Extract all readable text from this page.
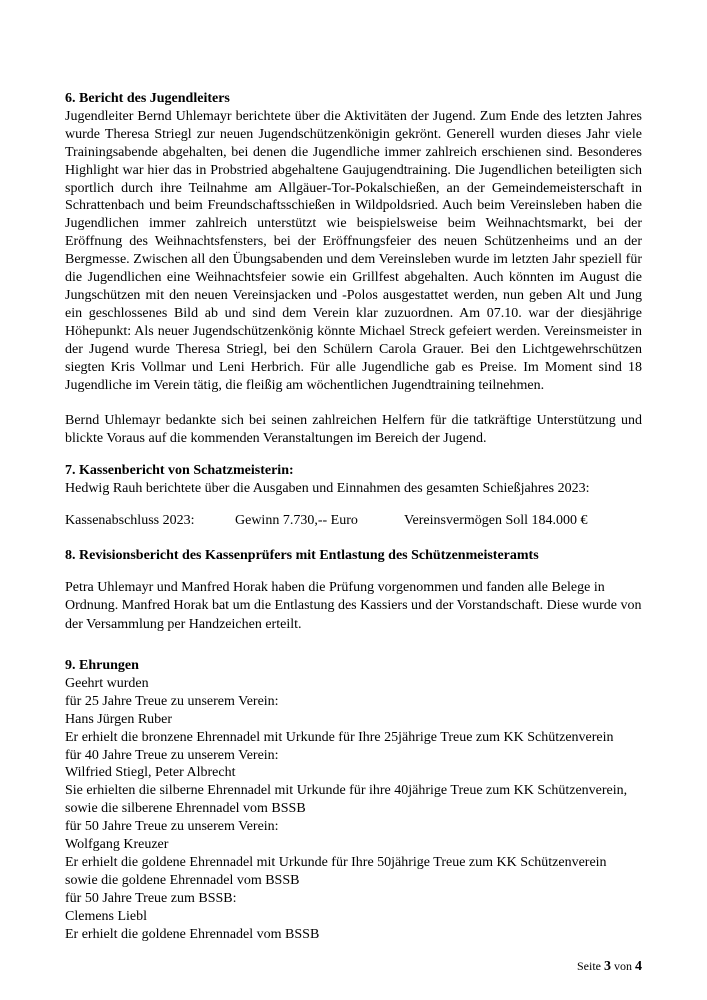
6. Bericht des Jugendleiters

Jugendleiter Bernd Uhlemayr berichtete über die Aktivitäten der Jugend. Zum Ende des letzten Jahres wurde Theresa Striegl zur neuen Jugendschützenkönigin gekrönt. Generell wurden dieses Jahr viele Trainingsabende abgehalten, bei denen die Jugendliche immer zahlreich erschienen sind. Besonderes Highlight war hier das in Probstried abgehaltene Gaujugendtraining. Die Jugendlichen beteiligten sich sportlich durch ihre Teilnahme am Allgäuer-Tor-Pokalschießen, an der Gemeindemeisterschaft in Schrattenbach und beim Freundschaftsschießen in Wildpoldsried. Auch beim Vereinsleben haben die Jugendlichen immer zahlreich unterstützt wie beispielsweise beim Weihnachtsmarkt, bei der Eröffnung des Weihnachtsfensters, bei der Eröffnungsfeier des neuen Schützenheims und an der Bergmesse. Zwischen all den Übungsabenden und dem Vereinsleben wurde im letzten Jahr speziell für die Jugendlichen eine Weihnachtsfeier sowie ein Grillfest abgehalten. Auch könnten im August die Jungschützen mit den neuen Vereinsjacken und -Polos ausgestattet werden, nun geben Alt und Jung ein geschlossenes Bild ab und sind dem Verein klar zuzuordnen. Am 07.10. war der diesjährige Höhepunkt: Als neuer Jugendschützenkönig könnte Michael Streck gefeiert werden. Vereinsmeister in der Jugend wurde Theresa Striegl, bei den Schülern Carola Grauer. Bei den Lichtgewehrschützen siegten Kris Vollmar und Leni Herbrich. Für alle Jugendliche gab es Preise. Im Moment sind 18 Jugendliche im Verein tätig, die fleißig am wöchentlichen Jugendtraining teilnehmen.

Bernd Uhlemayr bedankte sich bei seinen zahlreichen Helfern für die tatkräftige Unterstützung und blickte Voraus auf die kommenden Veranstaltungen im Bereich der Jugend.

7. Kassenbericht von Schatzmeisterin:

Hedwig Rauh berichtete über die Ausgaben und Einnahmen des gesamten Schießjahres 2023:

Kassenabschluss 2023:	Gewinn 7.730,-- Euro	Vereinsvermögen Soll 184.000 €

8. Revisionsbericht des Kassenprüfers mit Entlastung des Schützenmeisteramts

Petra Uhlemayr und Manfred Horak haben die Prüfung vorgenommen und fanden alle Belege in Ordnung. Manfred Horak bat um die Entlastung des Kassiers und der Vorstandschaft. Diese wurde von der Versammlung per Handzeichen erteilt.

9. Ehrungen

Geehrt wurden

für 25 Jahre Treue zu unserem Verein:

Hans Jürgen Ruber

Er erhielt die bronzene Ehrennadel mit Urkunde für Ihre 25jährige Treue zum KK Schützenverein

für 40 Jahre Treue zu unserem Verein:

Wilfried Stiegl, Peter Albrecht

Sie erhielten die silberne Ehrennadel mit Urkunde für ihre 40jährige Treue zum KK Schützenverein,

sowie die silberene Ehrennadel vom BSSB

für 50 Jahre Treue zu unserem Verein:

Wolfgang Kreuzer

Er erhielt die goldene Ehrennadel mit Urkunde für Ihre 50jährige Treue zum KK Schützenverein

sowie die goldene Ehrennadel vom BSSB

für 50 Jahre Treue zum BSSB:

Clemens Liebl

Er erhielt die goldene Ehrennadel vom BSSB

Seite 3 von 4
